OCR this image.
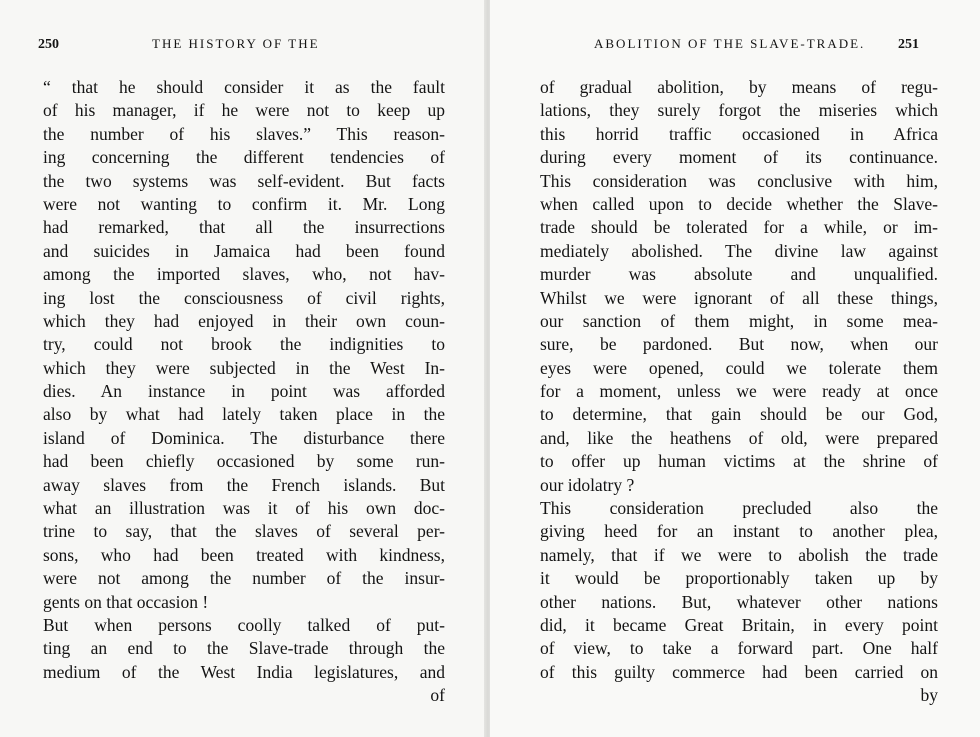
250	THE HISTORY OF THE
“ that he should consider it as the fault
of his manager, if he were not to keep up
the number of his slaves.” This reason-
ing concerning the different tendencies of
the two systems was self-evident. But facts
were not wanting to confirm it. Mr. Long
had remarked, that all the insurrections
and suicides in Jamaica had been found
among the imported slaves, who, not hav-
ing lost the consciousness of civil rights,
which they had enjoyed in their own coun-
try, could not brook the indignities to
which they were subjected in the West In-
dies. An instance in point was afforded
also by what had lately taken place in the
island of Dominica. The disturbance there
had been chiefly occasioned by some run-
away slaves from the French islands. But
what an illustration was it of his own doc-
trine to say, that the slaves of several per-
sons, who had been treated with kindness,
were not among the number of the insur-
gents on that occasion !
But when persons coolly talked of put-
ting an end to the Slave-trade through the
medium of the West India legislatures, and
of
ABOLITION OF THE SLAVE-TRADE. 251
of gradual abolition, by means of regu-
lations, they surely forgot the miseries which
this horrid traffic occasioned in Africa
during every moment of its continuance.
This consideration was conclusive with him,
when called upon to decide whether the Slave-
trade should be tolerated for a while, or im-
mediately abolished. The divine law against
murder was absolute and unqualified.
Whilst we were ignorant of all these things,
our sanction of them might, in some mea-
sure, be pardoned. But now, when our
eyes were opened, could we tolerate them
for a moment, unless we were ready at once
to determine, that gain should be our God,
and, like the heathens of old, were prepared
to offer up human victims at the shrine of
our idolatry ?
This consideration precluded also the
giving heed for an instant to another plea,
namely, that if we were to abolish the trade
it would be proportionably taken up by
other nations. But, whatever other nations
did, it became Great Britain, in every point
of view, to take a forward part. One half
of this guilty commerce had been carried on
by
